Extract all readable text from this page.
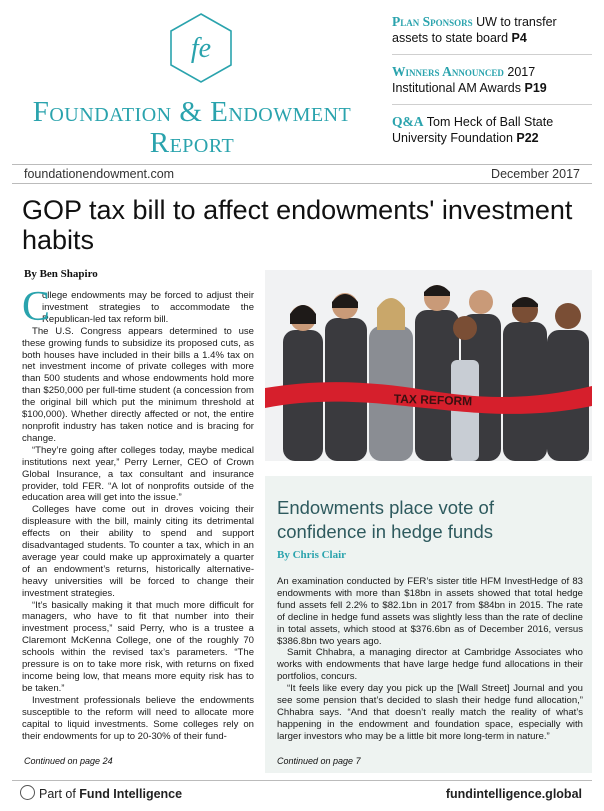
fe
Foundation & Endowment
Report
Plan Sponsors UW to transfer assets to state board P4
Winners Announced 2017 Institutional AM Awards P19
Q&A Tom Heck of Ball State University Foundation P22
foundationendowment.com	December 2017
GOP tax bill to affect endowments' investment habits
By Ben Shapiro

C
ollege endowments may be forced to adjust their investment strategies to accommodate the Republican-led tax reform bill.

The U.S. Congress appears determined to use these growing funds to subsidize its proposed cuts, as both houses have included in their bills a 1.4% tax on net investment income of private colleges with more than 500 students and whose endowments hold more than $250,000 per full-time student (a concession from the original bill which put the minimum threshold at $100,000). Whether directly affected or not, the entire nonprofit industry has taken notice and is bracing for change.

“They’re going after colleges today, maybe medical institutions next year,” Perry Lerner, CEO of Crown Global Insurance, a tax consultant and insurance provider, told FER. “A lot of nonprofits outside of the education area will get into the issue.”

Colleges have come out in droves voicing their displeasure with the bill, mainly citing its detrimental effects on their ability to spend and support disadvantaged students. To counter a tax, which in an average year could make up approximately a quarter of an endowment’s returns, historically alternative-heavy universities will be forced to change their investment strategies.

“It’s basically making it that much more difficult for managers, who have to fit that number into their investment process,” said Perry, who is a trustee a Claremont McKenna College, one of the roughly 70 schools within the revised tax’s parameters. “The pressure is on to take more risk, with returns on fixed income being low, that means more equity risk has to be taken.”

Investment professionals believe the endowments susceptible to the reform will need to allocate more capital to liquid investments. Some colleges rely on their endowments for up to 20-30% of their fund-

Continued on page 24
TAX REFORM
Endowments place vote of confidence in hedge funds
By Chris Clair

An examination conducted by FER’s sister title HFM InvestHedge of 83 endowments with more than $18bn in assets showed that total hedge fund assets fell 2.2% to $82.1bn in 2017 from $84bn in 2015. The rate of decline in hedge fund assets was slightly less than the rate of decline in total assets, which stood at $376.6bn as of December 2016, versus $386.8bn two years ago.

Samit Chhabra, a managing director at Cambridge Associates who works with endowments that have large hedge fund allocations in their portfolios, concurs.

“It feels like every day you pick up the [Wall Street] Journal and you see some pension that’s decided to slash their hedge fund allocation,” Chhabra says. “And that doesn’t really match the reality of what’s happening in the endowment and foundation space, especially with larger investors who may be a little bit more long-term in nature.”

Continued on page 7
Part of Fund Intelligence	fundintelligence.global
